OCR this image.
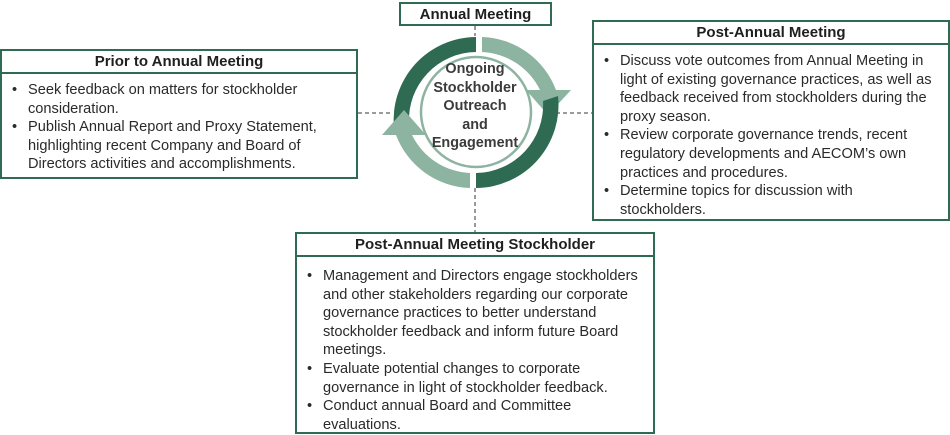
Ongoing
Stockholder
Outreach
and
Engagement
Annual Meeting
Prior to Annual Meeting
• Seek feedback on matters for stockholder consideration.
• Publish Annual Report and Proxy Statement, highlighting recent Company and Board of Directors activities and accomplishments.
Post-Annual Meeting
• Discuss vote outcomes from Annual Meeting in light of existing governance practices, as well as feedback received from stockholders during the proxy season.
• Review corporate governance trends, recent regulatory developments and AECOM’s own practices and procedures.
• Determine topics for discussion with stockholders.
Post-Annual Meeting Stockholder
• Management and Directors engage stockholders and other stakeholders regarding our corporate governance practices to better understand stockholder feedback and inform future Board meetings.
• Evaluate potential changes to corporate governance in light of stockholder feedback.
• Conduct annual Board and Committee evaluations.
